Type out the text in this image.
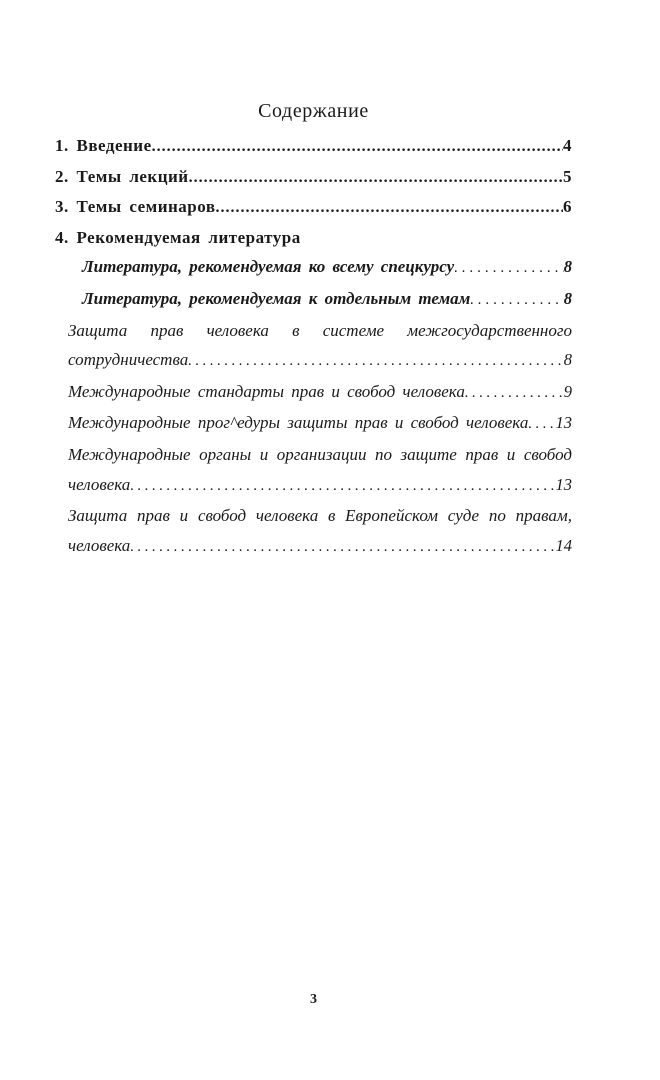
Содержание
1. Введение .....	4
2. Темы лекций .....	5
3. Темы семинаров .....	6
4. Рекомендуемая литература
Литература, рекомендуемая ко всему спецкурсу .....	8
Литература, рекомендуемая к отдельным темам .....	8
Защита прав человека в системе межгосударственного
сотрудничества .....	8
Международные стандарты прав и свобод человека .....	9
Международные прог^едуры защиты прав и свобод человека ..... 13
Международные органы и организации по защите прав и свобод
человека .....	13
Защита прав и свобод человека в Европейском суде по правам,
человека .....	14
3
